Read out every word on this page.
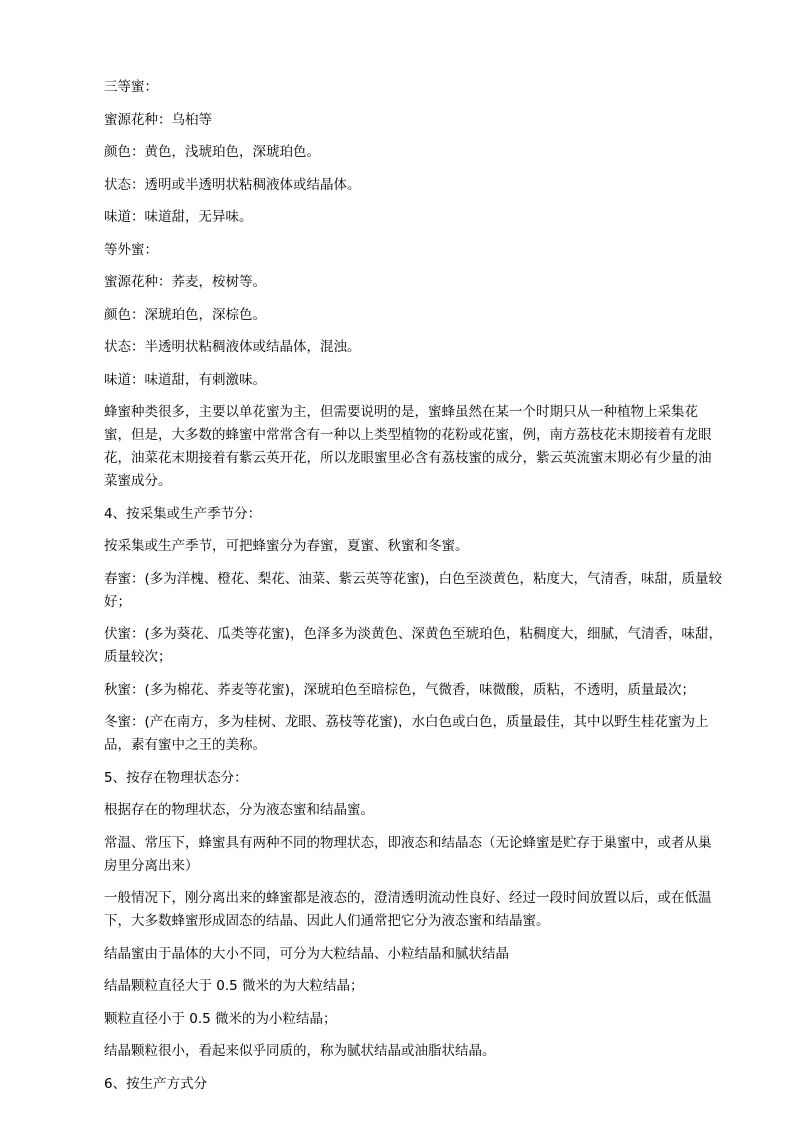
三等蜜：

蜜源花种：乌桕等

颜色：黄色，浅琥珀色，深琥珀色。

状态：透明或半透明状粘稠液体或结晶体。

味道：味道甜，无异味。

等外蜜：

蜜源花种：荞麦，桉树等。

颜色：深琥珀色，深棕色。

状态：半透明状粘稠液体或结晶体，混浊。

味道：味道甜，有刺激味。

蜂蜜种类很多，主要以单花蜜为主，但需要说明的是，蜜蜂虽然在某一个时期只从一种植物上采集花蜜，但是，大多数的蜂蜜中常常含有一种以上类型植物的花粉或花蜜，例，南方荔枝花末期接着有龙眼花，油菜花末期接着有紫云英开花，所以龙眼蜜里必含有荔枝蜜的成分，紫云英流蜜末期必有少量的油菜蜜成分。

4、按采集或生产季节分：

按采集或生产季节，可把蜂蜜分为春蜜，夏蜜、秋蜜和冬蜜。

春蜜：(多为洋槐、橙花、梨花、油菜、紫云英等花蜜)，白色至淡黄色，粘度大，气清香，味甜，质量较好；

伏蜜：(多为葵花、瓜类等花蜜)，色泽多为淡黄色、深黄色至琥珀色，粘稠度大，细腻，气清香，味甜，质量较次；

秋蜜：(多为棉花、荞麦等花蜜)，深琥珀色至暗棕色，气微香，味微酸，质粘，不透明，质量最次；

冬蜜：(产在南方，多为桂树、龙眼、荔枝等花蜜)，水白色或白色，质量最佳，其中以野生桂花蜜为上品，素有蜜中之王的美称。

5、按存在物理状态分：

根据存在的物理状态，分为液态蜜和结晶蜜。

常温、常压下，蜂蜜具有两种不同的物理状态，即液态和结晶态（无论蜂蜜是贮存于巢蜜中，或者从巢房里分离出来）

一般情况下，刚分离出来的蜂蜜都是液态的，澄清透明流动性良好、经过一段时间放置以后，或在低温下，大多数蜂蜜形成固态的结晶、因此人们通常把它分为液态蜜和结晶蜜。

结晶蜜由于晶体的大小不同，可分为大粒结晶、小粒结晶和腻状结晶

结晶颗粒直径大于 0.5 微米的为大粒结晶；

颗粒直径小于 0.5 微米的为小粒结晶；

结晶颗粒很小，看起来似乎同质的，称为腻状结晶或油脂状结晶。

6、按生产方式分
